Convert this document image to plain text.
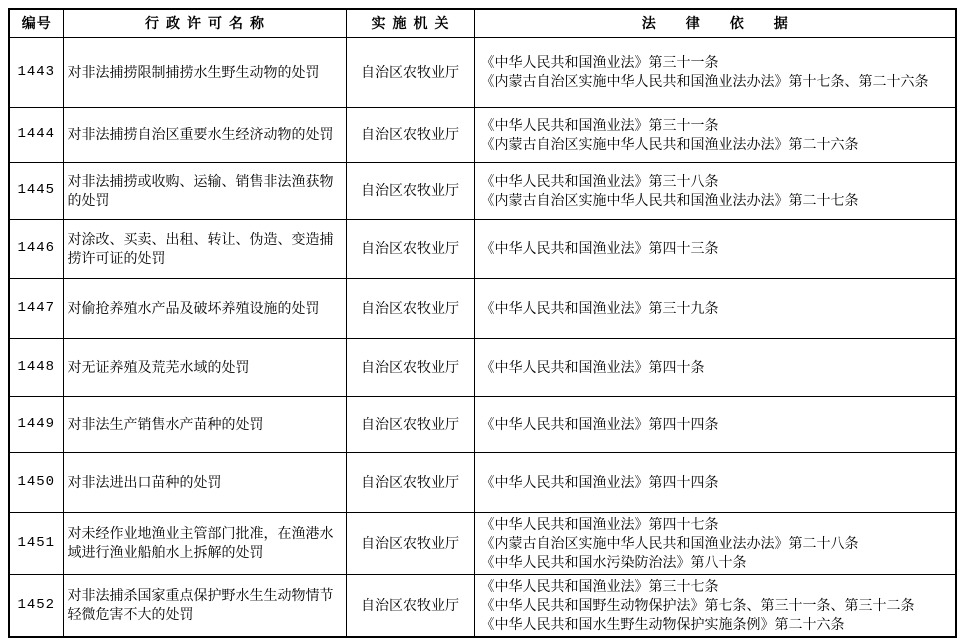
编号	行政许可名称	实施机关	法律依据
1443	对非法捕捞限制捕捞水生野生动物的处罚	自治区农牧业厅	《中华人民共和国渔业法》第三十一条
《内蒙古自治区实施中华人民共和国渔业法办法》第十七条、第二十六条

1444	对非法捕捞自治区重要水生经济动物的处罚	自治区农牧业厅	《中华人民共和国渔业法》第三十一条
《内蒙古自治区实施中华人民共和国渔业法办法》第二十六条

1445	对非法捕捞或收购、运输、销售非法渔获物的处罚	自治区农牧业厅	《中华人民共和国渔业法》第三十八条
《内蒙古自治区实施中华人民共和国渔业法办法》第二十七条

1446	对涂改、买卖、出租、转让、伪造、变造捕捞许可证的处罚	自治区农牧业厅	《中华人民共和国渔业法》第四十三条

1447	对偷抢养殖水产品及破坏养殖设施的处罚	自治区农牧业厅	《中华人民共和国渔业法》第三十九条

1448	对无证养殖及荒芜水域的处罚	自治区农牧业厅	《中华人民共和国渔业法》第四十条

1449	对非法生产销售水产苗种的处罚	自治区农牧业厅	《中华人民共和国渔业法》第四十四条

1450	对非法进出口苗种的处罚	自治区农牧业厅	《中华人民共和国渔业法》第四十四条

1451	对未经作业地渔业主管部门批准，在渔港水域进行渔业船舶水上拆解的处罚	自治区农牧业厅	《中华人民共和国渔业法》第四十七条
《内蒙古自治区实施中华人民共和国渔业法办法》第二十八条
《中华人民共和国水污染防治法》第八十条

1452	对非法捕杀国家重点保护野水生生动物情节轻微危害不大的处罚	自治区农牧业厅	《中华人民共和国渔业法》第三十七条
《中华人民共和国野生动物保护法》第七条、第三十一条、第三十二条
《中华人民共和国水生野生动物保护实施条例》第二十六条
